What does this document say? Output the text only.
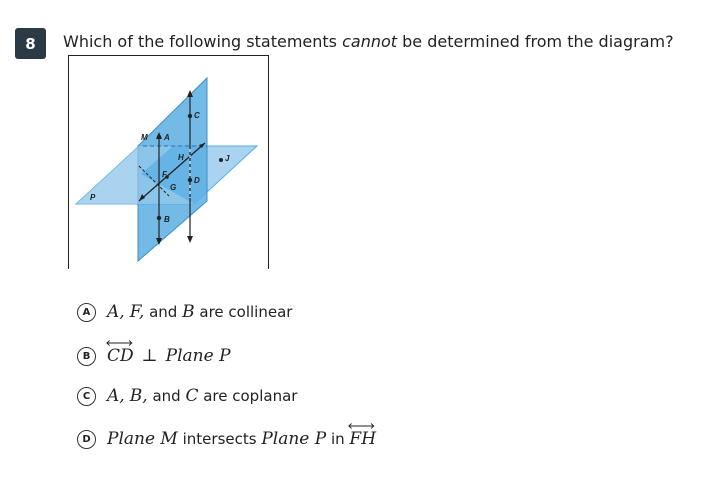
8	Which of the following statements cannot be determined from the diagram?
M A
C
H	J
F
G
D
P
B
A A,
F, and B are collinear
B CD ⊥ Plane P
C A,
B, and C are coplanar
D Plane M intersects Plane P in FH
